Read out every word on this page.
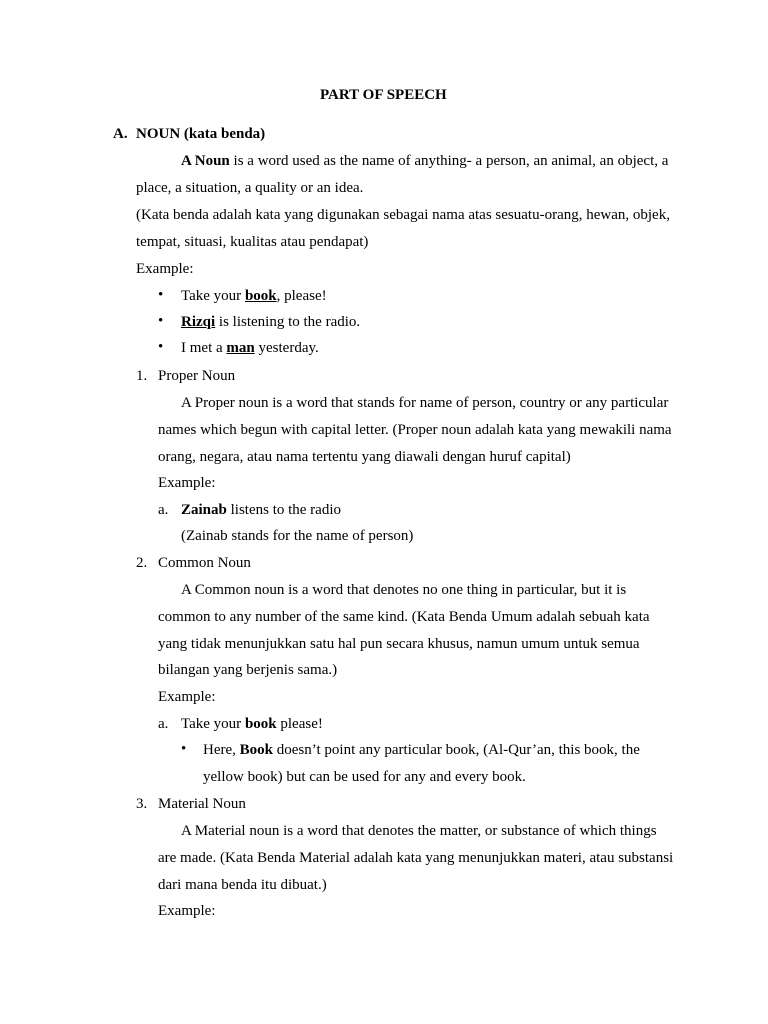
PART OF SPEECH
A. NOUN (kata benda)
A Noun is a word used as the name of anything- a person, an animal, an object, a
place, a situation, a quality or an idea.
(Kata benda adalah kata yang digunakan sebagai nama atas sesuatu-orang, hewan, objek,
tempat, situasi, kualitas atau pendapat)
Example:
• Take your book, please!
• Rizqi is listening to the radio.
• I met a man yesterday.
1. Proper Noun
A Proper noun is a word that stands for name of person, country or any particular
names which begun with capital letter. (Proper noun adalah kata yang mewakili nama
orang, negara, atau nama tertentu yang diawali dengan huruf capital)
Example:
a. Zainab listens to the radio
(Zainab stands for the name of person)
2. Common Noun
A Common noun is a word that denotes no one thing in particular, but it is
common to any number of the same kind. (Kata Benda Umum adalah sebuah kata
yang tidak menunjukkan satu hal pun secara khusus, namun umum untuk semua
bilangan yang berjenis sama.)
Example:
a. Take your book please!
• Here, Book doesn’t point any particular book, (Al-Qur’an, this book, the
yellow book) but can be used for any and every book.
3. Material Noun
A Material noun is a word that denotes the matter, or substance of which things
are made. (Kata Benda Material adalah kata yang menunjukkan materi, atau substansi
dari mana benda itu dibuat.)
Example:
